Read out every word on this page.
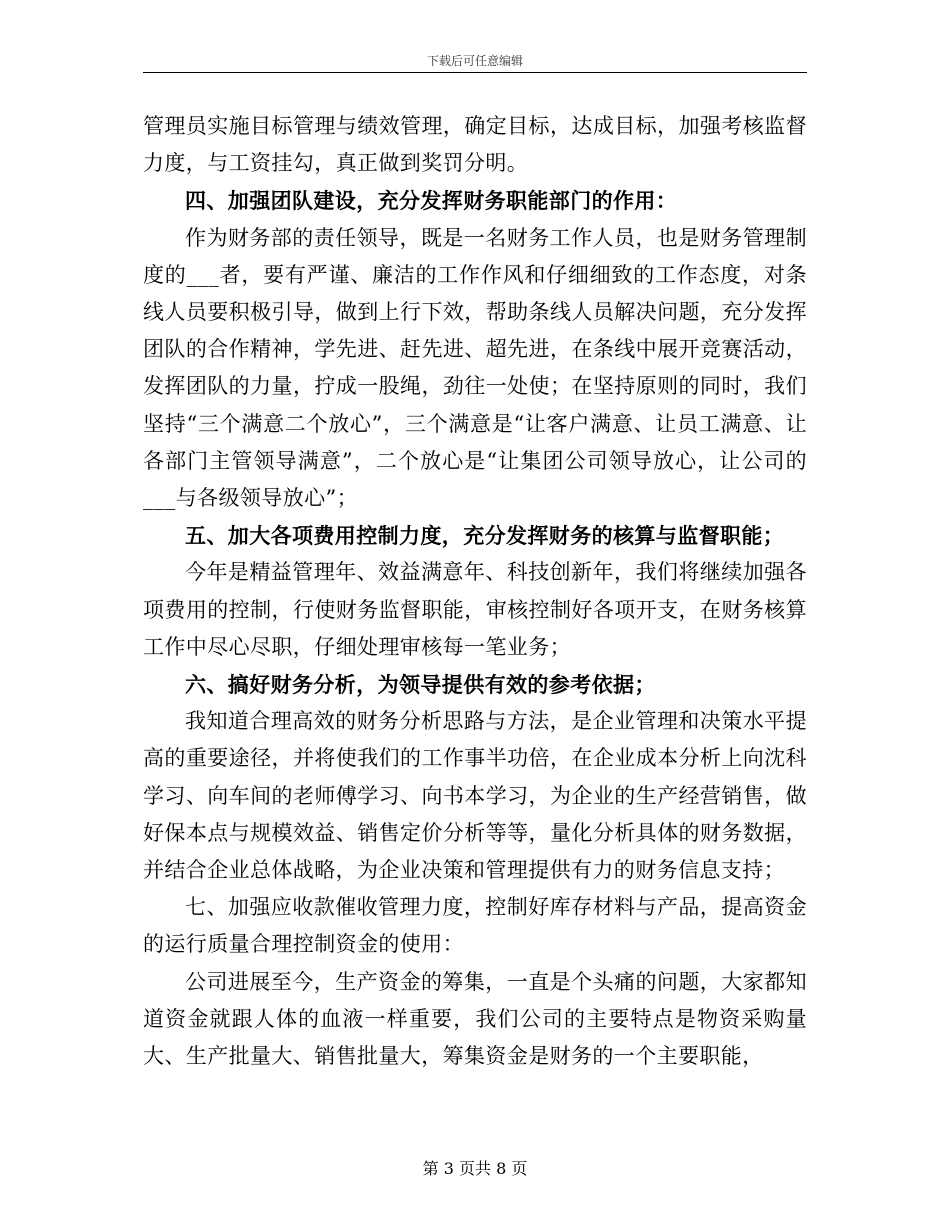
下载后可任意编辑

管理员实施目标管理与绩效管理，确定目标，达成目标，加强考核监督力度，与工资挂勾，真正做到奖罚分明。

四、加强团队建设，充分发挥财务职能部门的作用：

作为财务部的责任领导，既是一名财务工作人员，也是财务管理制度的___者，要有严谨、廉洁的工作作风和仔细细致的工作态度，对条线人员要积极引导，做到上行下效，帮助条线人员解决问题，充分发挥团队的合作精神，学先进、赶先进、超先进，在条线中展开竞赛活动，发挥团队的力量，拧成一股绳，劲往一处使；在坚持原则的同时，我们坚持“三个满意二个放心”，三个满意是“让客户满意、让员工满意、让各部门主管领导满意”，二个放心是“让集团公司领导放心，让公司的___与各级领导放心”；

五、加大各项费用控制力度，充分发挥财务的核算与监督职能；

今年是精益管理年、效益满意年、科技创新年，我们将继续加强各项费用的控制，行使财务监督职能，审核控制好各项开支，在财务核算工作中尽心尽职，仔细处理审核每一笔业务；

六、搞好财务分析，为领导提供有效的参考依据；

我知道合理高效的财务分析思路与方法，是企业管理和决策水平提高的重要途径，并将使我们的工作事半功倍，在企业成本分析上向沈科学习、向车间的老师傅学习、向书本学习，为企业的生产经营销售，做好保本点与规模效益、销售定价分析等等，量化分析具体的财务数据，并结合企业总体战略，为企业决策和管理提供有力的财务信息支持；

七、加强应收款催收管理力度，控制好库存材料与产品，提高资金的运行质量合理控制资金的使用：

公司进展至今，生产资金的筹集，一直是个头痛的问题，大家都知道资金就跟人体的血液一样重要，我们公司的主要特点是物资采购量大、生产批量大、销售批量大，筹集资金是财务的一个主要职能，

第 3 页共 8 页
